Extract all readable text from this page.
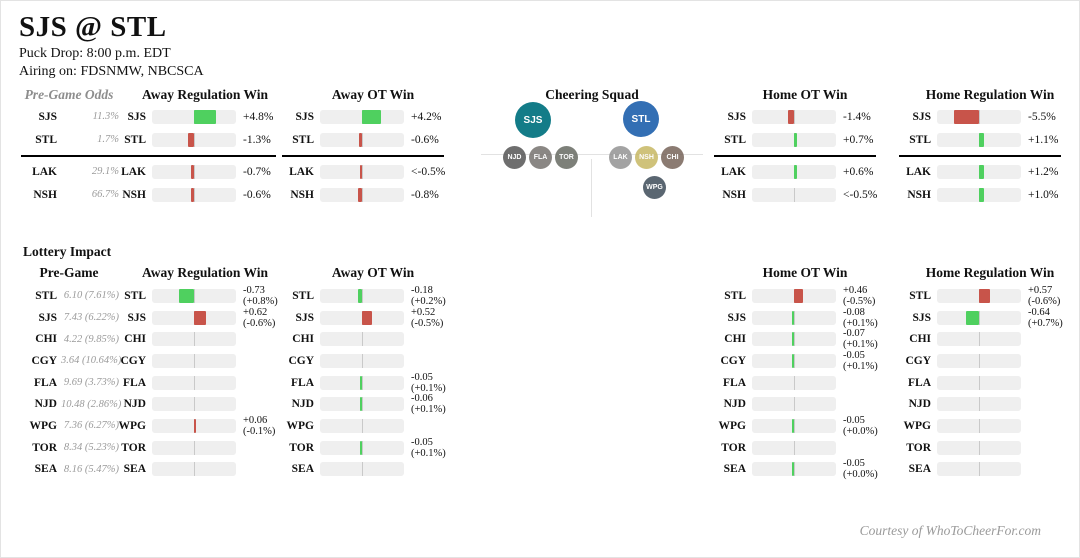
SJS @ STL
Puck Drop: 8:00 p.m. EDT
Airing on: FDSNMW, NBCSCA
Pre-Game Odds
SJS	11.3%
STL	1.7%
LAK	29.1%
NSH	66.7%
Away Regulation Win
SJS	+4.8%
STL	-1.3%
LAK	-0.7%
NSH	-0.6%
Away OT Win
SJS	+4.2%
STL	-0.6%
LAK	<-0.5%
NSH	-0.8%
Cheering Squad
SJS	STL
NJD	FLA	TOR	LAK	NSH	CHI
WPG
Home OT Win
SJS	-1.4%
STL	+0.7%
LAK	+0.6%
NSH	<-0.5%
Home Regulation Win
SJS	-5.5%
STL	+1.1%
LAK	+1.2%
NSH	+1.0%
Lottery Impact
Pre-Game
STL 6.10 (7.61%)
SJS 7.43 (6.22%)
CHI 4.22 (9.85%)
CGY 3.64 (10.64%)
FLA 9.69 (3.73%)
NJD 10.48 (2.86%)
WPG 7.36 (6.27%)
TOR 8.34 (5.23%)
SEA 8.16 (5.47%)
Away Regulation Win
STL	-0.73
(+0.8%)
SJS	+0.62
(-0.6%)
CHI
CGY
FLA
NJD
WPG	+0.06
(-0.1%)
TOR
SEA
Away OT Win
STL	-0.18
(+0.2%)
SJS	+0.52
(-0.5%)
CHI
CGY
FLA	-0.05
(+0.1%)
NJD	-0.06
(+0.1%)
WPG
TOR	-0.05
(+0.1%)
SEA
Home OT Win
STL	+0.46
(-0.5%)
SJS	-0.08
(+0.1%)
CHI	-0.07
(+0.1%)
CGY	-0.05
(+0.1%)
FLA
NJD
WPG	-0.05
(+0.0%)
TOR
SEA	-0.05
(+0.0%)
Home Regulation Win
STL	+0.57
(-0.6%)
SJS	-0.64
(+0.7%)
CHI
CGY
FLA
NJD
WPG
TOR
SEA
Courtesy of WhoToCheerFor.com
